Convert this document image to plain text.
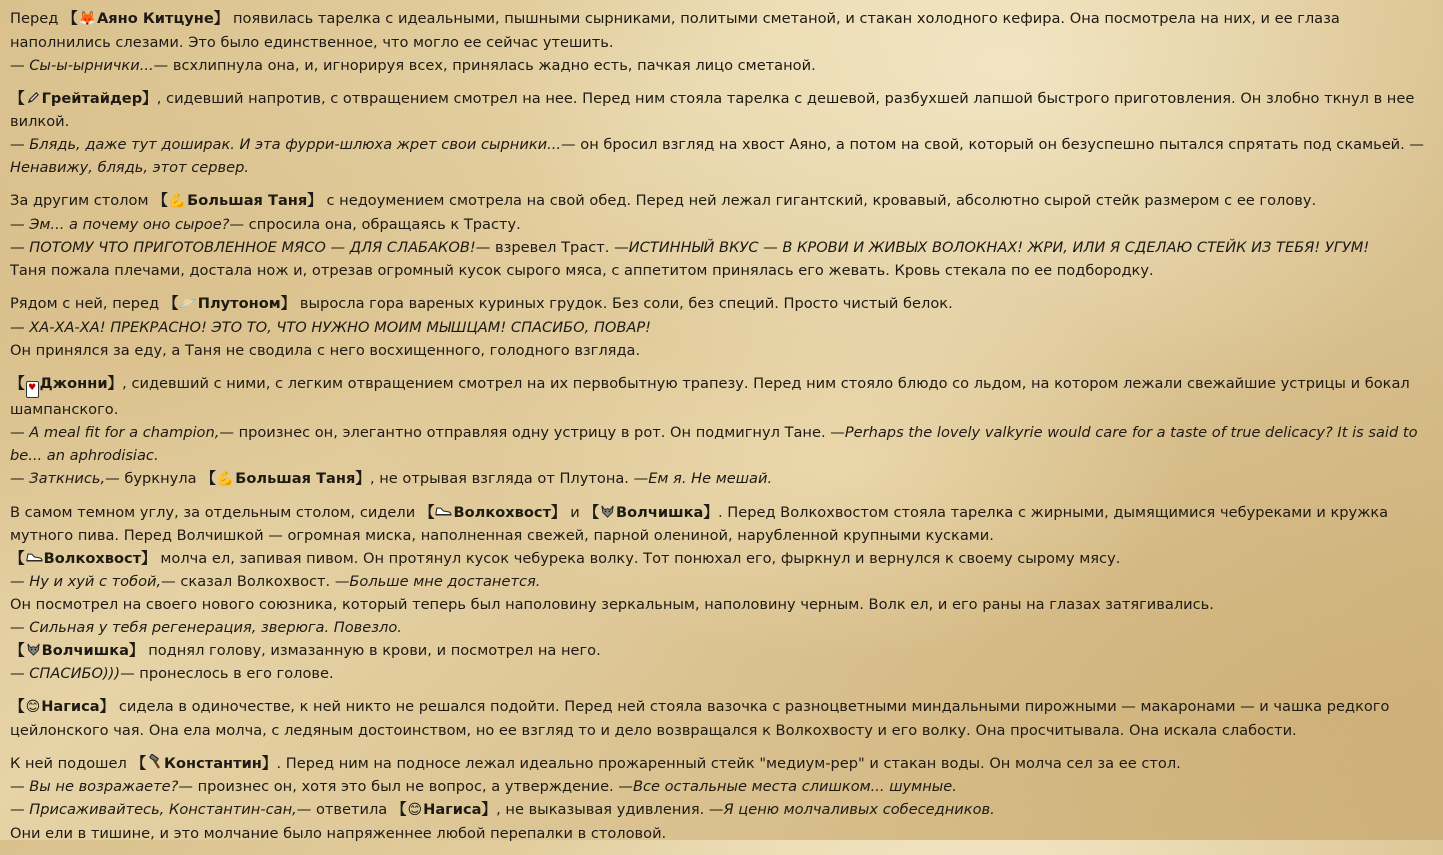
Перед 【🦊Аяно Китцуне】 появилась тарелка с идеальными, пышными сырниками, политыми сметаной, и стакан холодного кефира. Она посмотрела на них, и ее глаза наполнились слезами. Это было единственное, что могло ее сейчас утешить.
— Сы-ы-ырнички...— всхлипнула она, и, игнорируя всех, принялась жадно есть, пачкая лицо сметаной.
【 Грейтайдер】, сидевший напротив, с отвращением смотрел на нее. Перед ним стояла тарелка с дешевой, разбухшей лапшой быстрого приготовления. Он злобно ткнул в нее вилкой.
— Блядь, даже тут доширак. И эта фурри-шлюха жрет свои сырники...— он бросил взгляд на хвост Аяно, а потом на свой, который он безуспешно пытался спрятать под скамьей. —Ненавижу, блядь, этот сервер.
За другим столом 【💪Большая Таня】 с недоумением смотрела на свой обед. Перед ней лежал гигантский, кровавый, абсолютно сырой стейк размером с ее голову.
— Эм... а почему оно сырое?— спросила она, обращаясь к Трасту.
— ПОТОМУ ЧТО ПРИГОТОВЛЕННОЕ МЯСО — ДЛЯ СЛАБАКОВ!— взревел Траст. —ИСТИННЫЙ ВКУС — В КРОВИ И ЖИВЫХ ВОЛОКНАХ! ЖРИ, ИЛИ Я СДЕЛАЮ СТЕЙК ИЗ ТЕБЯ! УГУМ!
Таня пожала плечами, достала нож и, отрезав огромный кусок сырого мяса, с аппетитом принялась его жевать. Кровь стекала по ее подбородку.
Рядом с ней, перед 【🪐Плутоном】 выросла гора вареных куриных грудок. Без соли, без специй. Просто чистый белок.
— ХА-ХА-ХА! ПРЕКРАСНО! ЭТО ТО, ЧТО НУЖНО МОИМ МЫШЦАМ! СПАСИБО, ПОВАР!
Он принялся за еду, а Таня не сводила с него восхищенного, голодного взгляда.
【 ♥ Джонни】, сидевший с ними, с легким отвращением смотрел на их первобытную трапезу. Перед ним стояло блюдо со льдом, на котором лежали свежайшие устрицы и бокал шампанского.
— A meal fit for a champion,— произнес он, элегантно отправляя одну устрицу в рот. Он подмигнул Тане. —Perhaps the lovely valkyrie would care for a taste of true delicacy? It is said to be... an aphrodisiac.
— Заткнись,— буркнула 【💪Большая Таня】, не отрывая взгляда от Плутона. —Ем я. Не мешай.
В самом темном углу, за отдельным столом, сидели 【 Волкохвост】 и 【 Волчишка】. Перед Волкохвостом стояла тарелка с жирными, дымящимися чебуреками и кружка мутного пива. Перед Волчишкой — огромная миска, наполненная свежей, парной олениной, нарубленной крупными кусками.
【 Волкохвост】 молча ел, запивая пивом. Он протянул кусок чебурека волку. Тот понюхал его, фыркнул и вернулся к своему сырому мясу.
— Ну и хуй с тобой,— сказал Волкохвост. —Больше мне достанется.
Он посмотрел на своего нового союзника, который теперь был наполовину зеркальным, наполовину черным. Волк ел, и его раны на глазах затягивались.
— Сильная у тебя регенерация, зверюга. Повезло.
【 Волчишка】 поднял голову, измазанную в крови, и посмотрел на него.
— СПАСИБО)))— пронеслось в его голове.
【😊Нагиса】 сидела в одиночестве, к ней никто не решался подойти. Перед ней стояла вазочка с разноцветными миндальными пирожными — макаронами — и чашка редкого цейлонского чая. Она ела молча, с ледяным достоинством, но ее взгляд то и дело возвращался к Волкохвосту и его волку. Она просчитывала. Она искала слабости.
К ней подошел 【 Константин】. Перед ним на подносе лежал идеально прожаренный стейк "медиум-рер" и стакан воды. Он молча сел за ее стол.
— Вы не возражаете?— произнес он, хотя это был не вопрос, а утверждение. —Все остальные места слишком... шумные.
— Присаживайтесь, Константин-сан,— ответила 【😊Нагиса】, не выказывая удивления. —Я ценю молчаливых собеседников.
Они ели в тишине, и это молчание было напряженнее любой перепалки в столовой.
